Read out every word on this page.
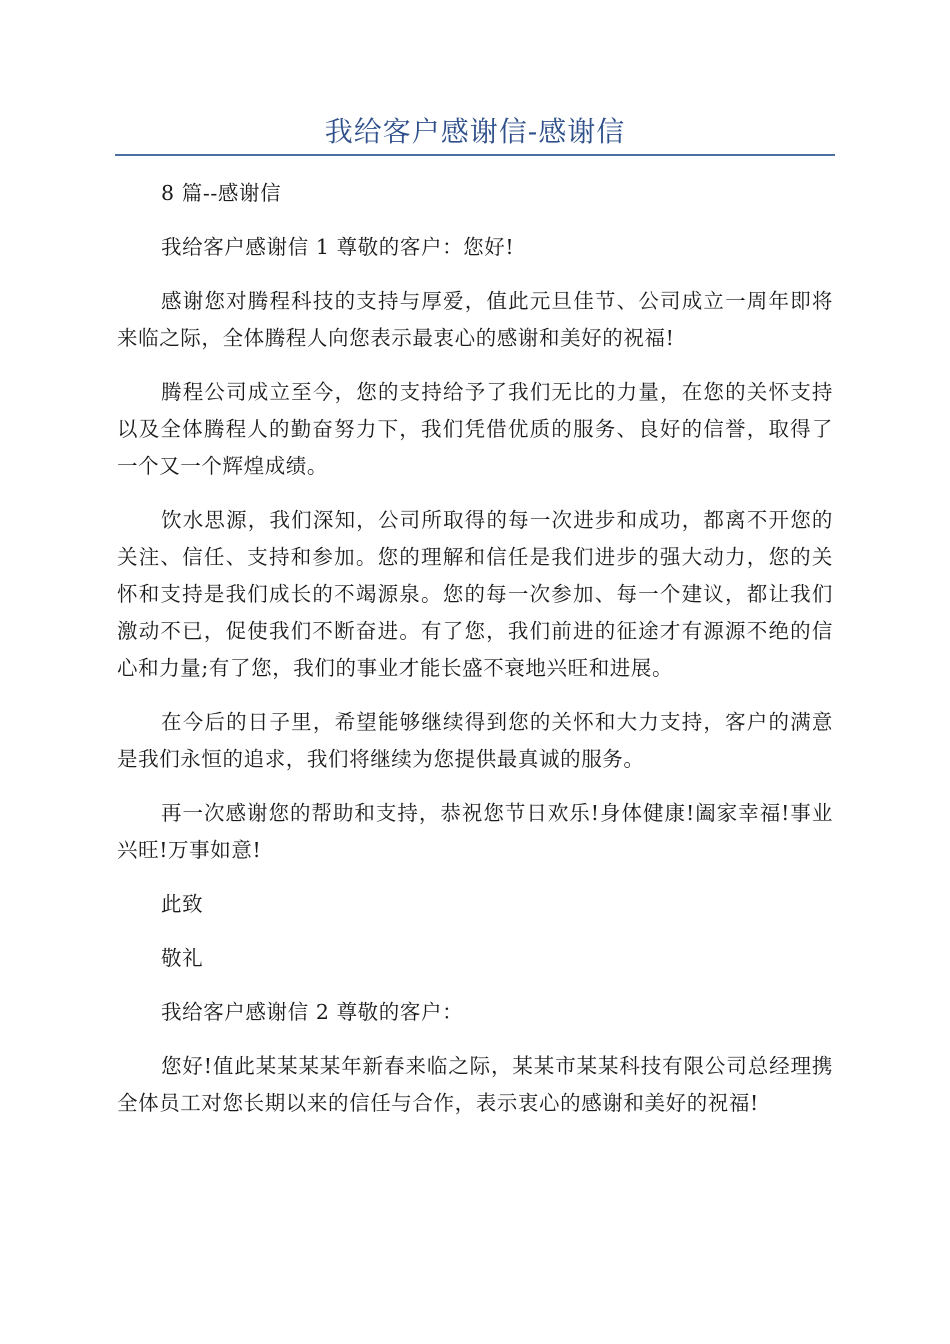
我给客户感谢信-感谢信

8 篇--感谢信

我给客户感谢信 1 尊敬的客户：您好!

感谢您对腾程科技的支持与厚爱，值此元旦佳节、公司成立一周年即将来临之际，全体腾程人向您表示最衷心的感谢和美好的祝福!

腾程公司成立至今，您的支持给予了我们无比的力量，在您的关怀支持以及全体腾程人的勤奋努力下，我们凭借优质的服务、良好的信誉，取得了一个又一个辉煌成绩。

饮水思源，我们深知，公司所取得的每一次进步和成功，都离不开您的关注、信任、支持和参加。您的理解和信任是我们进步的强大动力，您的关怀和支持是我们成长的不竭源泉。您的每一次参加、每一个建议，都让我们激动不已，促使我们不断奋进。有了您，我们前进的征途才有源源不绝的信心和力量;有了您，我们的事业才能长盛不衰地兴旺和进展。

在今后的日子里，希望能够继续得到您的关怀和大力支持，客户的满意是我们永恒的追求，我们将继续为您提供最真诚的服务。

再一次感谢您的帮助和支持，恭祝您节日欢乐!身体健康!阖家幸福!事业兴旺!万事如意!

此致

敬礼

我给客户感谢信 2 尊敬的客户：

您好!值此某某某某年新春来临之际，某某市某某科技有限公司总经理携全体员工对您长期以来的信任与合作，表示衷心的感谢和美好的祝福!
